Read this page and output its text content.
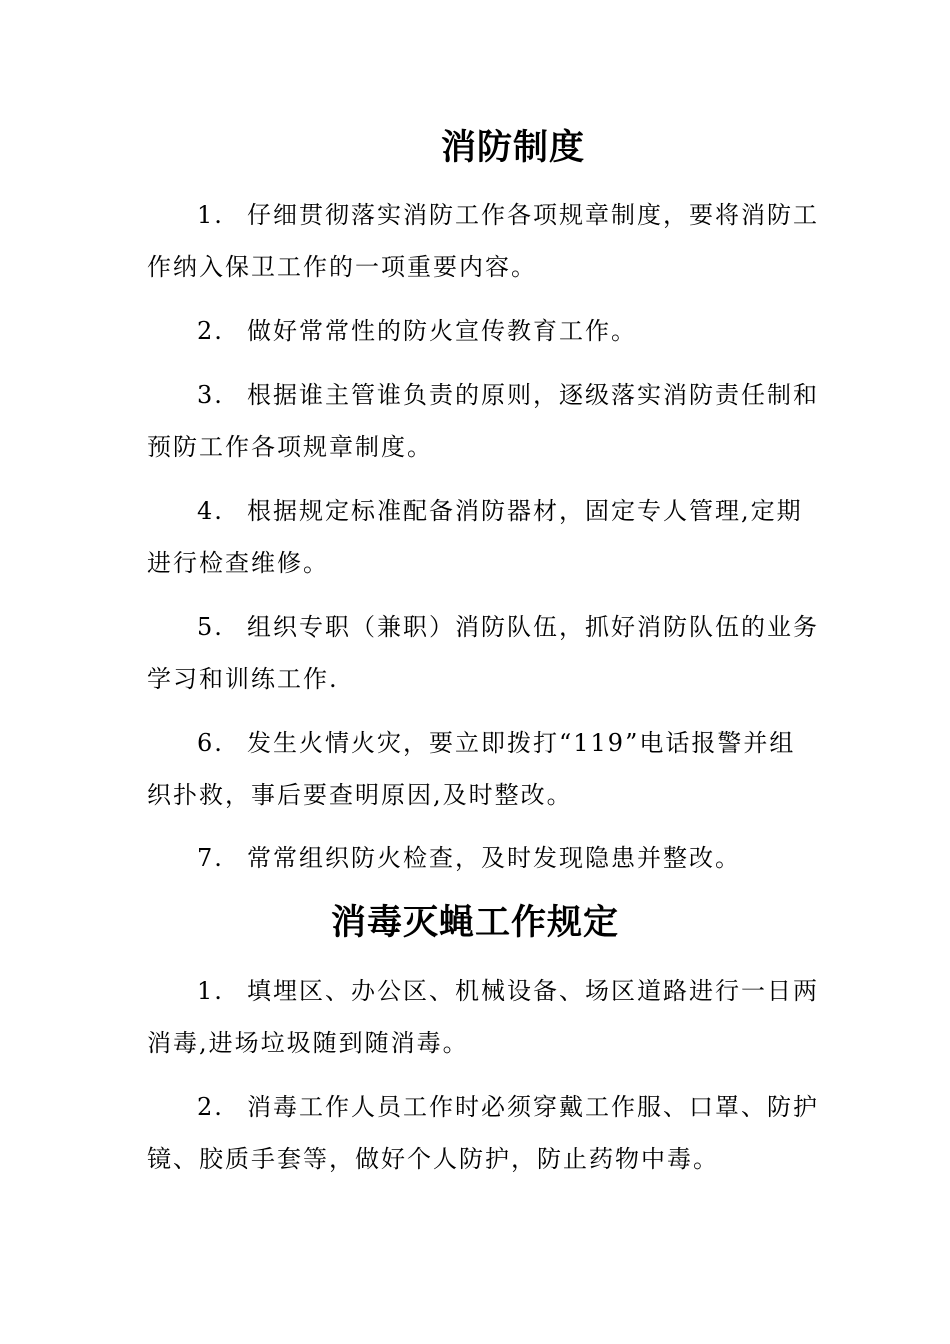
消防制度

1. 仔细贯彻落实消防工作各项规章制度，要将消防工
作纳入保卫工作的一项重要内容。

2. 做好常常性的防火宣传教育工作。

3. 根据谁主管谁负责的原则，逐级落实消防责任制和
预防工作各项规章制度。

4. 根据规定标准配备消防器材，固定专人管理,定期
进行检查维修。

5. 组织专职（兼职）消防队伍，抓好消防队伍的业务
学习和训练工作.

6. 发生火情火灾，要立即拨打“119”电话报警并组
织扑救，事后要查明原因,及时整改。

7. 常常组织防火检查，及时发现隐患并整改。

消毒灭蝇工作规定

1. 填埋区、办公区、机械设备、场区道路进行一日两
消毒,进场垃圾随到随消毒。

2. 消毒工作人员工作时必须穿戴工作服、口罩、防护
镜、胶质手套等，做好个人防护，防止药物中毒。
